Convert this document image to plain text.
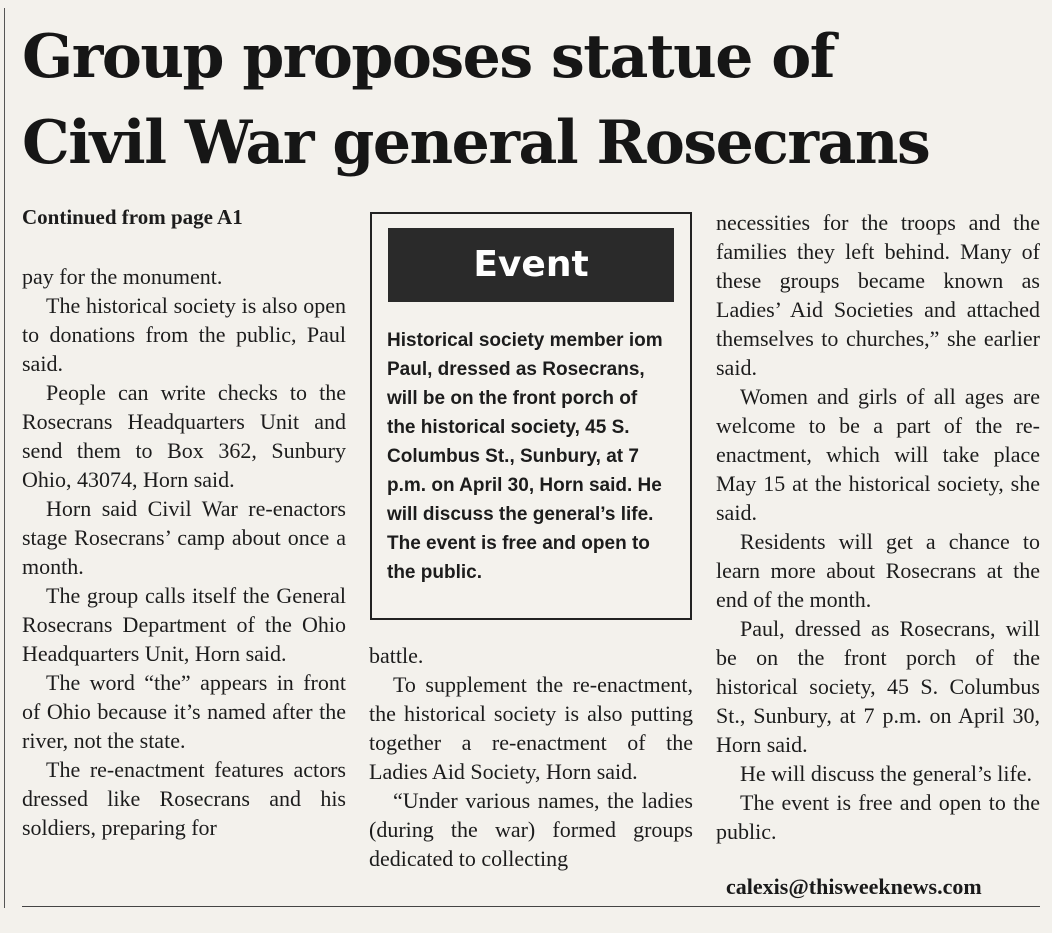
Group proposes statue of
Civil War general Rosecrans
Continued from page A1

pay for the monument.

The historical society is also open to donations from the public, Paul said.

People can write checks to the Rosecrans Headquarters Unit and send them to Box 362, Sunbury Ohio, 43074, Horn said.

Horn said Civil War re-enactors stage Rosecrans’ camp about once a month.

The group calls itself the General Rosecrans Department of the Ohio Headquarters Unit, Horn said.

The word “the” appears in front of Ohio because it’s named after the river, not the state.

The re-enactment features actors dressed like Rosecrans and his soldiers, preparing for

Event
Historical society member iom Paul, dressed as Rosecrans, will be on the front porch of the historical society, 45 S. Columbus St., Sunbury, at 7 p.m. on April 30, Horn said. He will discuss the general’s life. The event is free and open to the public.

battle.

To supplement the re-enactment, the historical society is also putting together a re-enactment of the Ladies Aid Society, Horn said.

“Under various names, the ladies (during the war) formed groups dedicated to collecting

necessities for the troops and the families they left behind. Many of these groups became known as Ladies’ Aid Societies and attached themselves to churches,” she earlier said.

Women and girls of all ages are welcome to be a part of the re-enactment, which will take place May 15 at the historical society, she said.

Residents will get a chance to learn more about Rosecrans at the end of the month.

Paul, dressed as Rosecrans, will be on the front porch of the historical society, 45 S. Columbus St., Sunbury, at 7 p.m. on April 30, Horn said.

He will discuss the general’s life.

The event is free and open to the public.

calexis@thisweeknews.com
